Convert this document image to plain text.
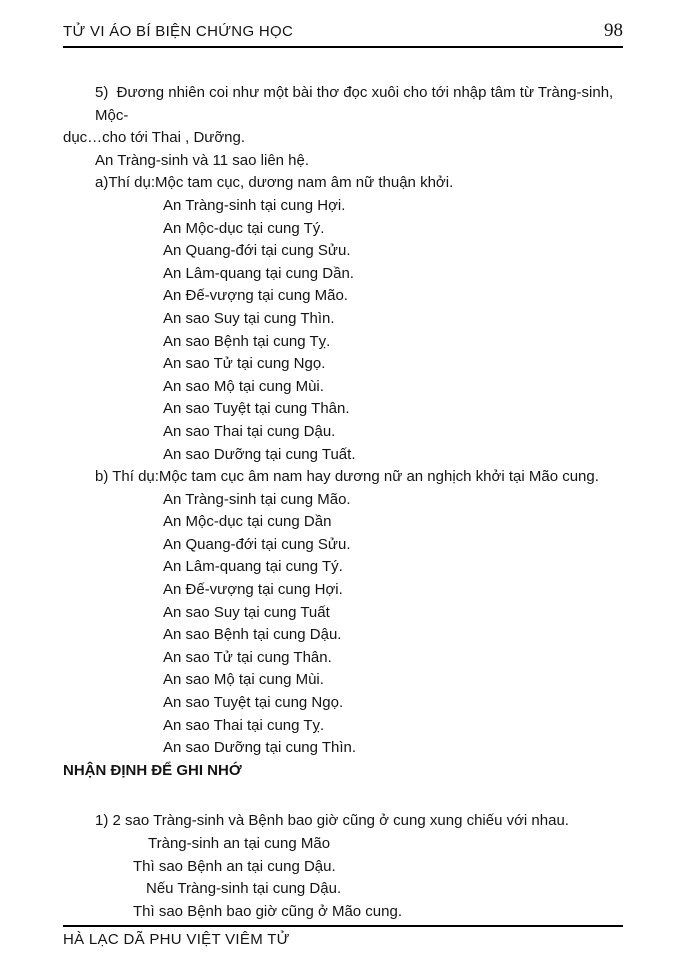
TỬ VI ÁO BÍ BIỆN CHỨNG HỌC	98
5)  Đương nhiên coi như một bài thơ đọc xuôi cho tới nhập tâm từ Tràng-sinh, Mộc-
dục…cho tới Thai , Dưỡng.
An Tràng-sinh và 11 sao liên hệ.
a)Thí dụ:Mộc tam cục, dương nam âm nữ thuận khởi.
An Tràng-sinh tại cung Hợi.
An Mộc-dục tại cung Tý.
An Quang-đới tại cung Sửu.
An Lâm-quang tại cung Dần.
An Đế-vượng tại cung Mão.
An sao Suy tại cung Thìn.
An sao Bệnh tại cung Tỵ.
An sao Tử tại cung Ngọ.
An sao Mộ tại cung Mùi.
An sao Tuyệt tại cung Thân.
An sao Thai tại cung Dậu.
An sao Dưỡng tại cung Tuất.
b) Thí dụ:Mộc tam cục âm nam hay dương nữ an nghịch khởi tại Mão cung.
An Tràng-sinh tại cung Mão.
An Mộc-dục tại cung Dần
An Quang-đới tại cung Sửu.
An Lâm-quang tại cung Tý.
An Đế-vượng tại cung Hợi.
An sao Suy tại cung Tuất
An sao Bệnh tại cung Dậu.
An sao Tử tại cung Thân.
An sao Mộ tại cung Mùi.
An sao Tuyệt tại cung Ngọ.
An sao Thai tại cung Tỵ.
An sao Dưỡng tại cung Thìn.
NHẬN ĐỊNH ĐỂ GHI NHỚ
1) 2 sao Tràng-sinh và Bệnh bao giờ cũng ở cung xung chiếu với nhau.
Tràng-sinh an tại cung Mão
Thì sao Bệnh an tại cung Dậu.
Nếu Tràng-sinh tại cung Dậu.
Thì sao Bệnh bao giờ cũng ở Mão cung.
HÀ LẠC DÃ PHU VIỆT VIÊM TỬ
